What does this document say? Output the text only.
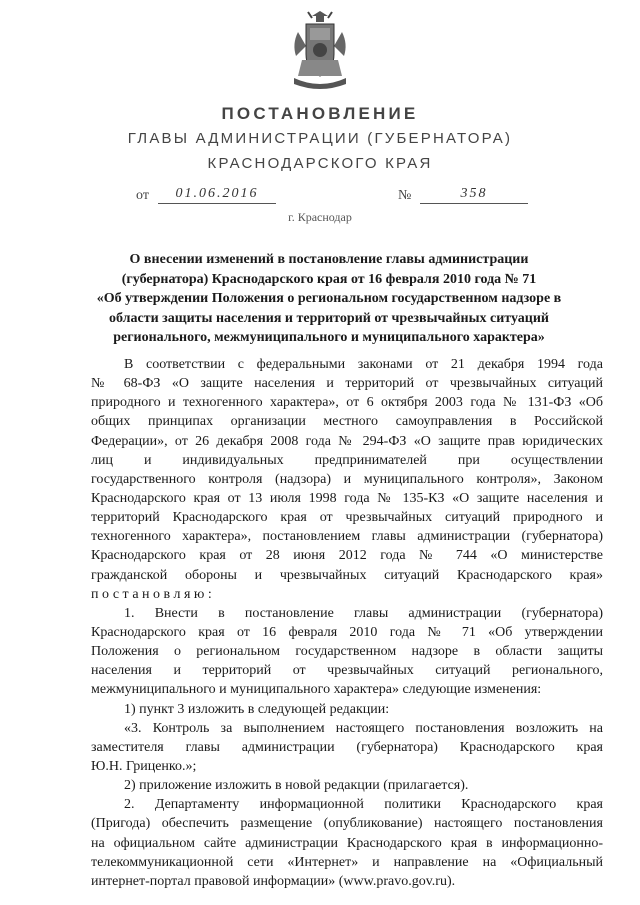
ПОСТАНОВЛЕНИЕ
ГЛАВЫ АДМИНИСТРАЦИИ (ГУБЕРНАТОРА)
КРАСНОДАРСКОГО КРАЯ
от	01.06.2016	№	358
г. Краснодар
О внесении изменений в постановление главы администрации
(губернатора) Краснодарского края от 16 февраля 2010 года № 71
«Об утверждении Положения о региональном государственном надзоре в
области защиты населения и территорий от чрезвычайных ситуаций
регионального, межмуниципального и муниципального характера»
В соответствии с федеральными законами от 21 декабря 1994 года
№ 68-ФЗ «О защите населения и территорий от чрезвычайных ситуаций
природного и техногенного характера», от 6 октября 2003 года № 131-ФЗ «Об
общих принципах организации местного самоуправления в Российской
Федерации», от 26 декабря 2008 года № 294-ФЗ «О защите прав юридических
лиц и индивидуальных предпринимателей при осуществлении
государственного контроля (надзора) и муниципального контроля», Законом
Краснодарского края от 13 июля 1998 года № 135-КЗ «О защите населения и
территорий Краснодарского края от чрезвычайных ситуаций природного и
техногенного характера», постановлением главы администрации (губернатора)
Краснодарского края от 28 июня 2012 года № 744 «О министерстве
гражданской обороны и чрезвычайных ситуаций Краснодарского края»
постановляю:
1. Внести в постановление главы администрации (губернатора)
Краснодарского края от 16 февраля 2010 года № 71 «Об утверждении
Положения о региональном государственном надзоре в области защиты
населения и территорий от чрезвычайных ситуаций регионального,
межмуниципального и муниципального характера» следующие изменения:
1) пункт 3 изложить в следующей редакции:
«3. Контроль за выполнением настоящего постановления возложить на
заместителя главы администрации (губернатора) Краснодарского края
Ю.Н. Гриценко.»;
2) приложение изложить в новой редакции (прилагается).
2. Департаменту информационной политики Краснодарского края
(Пригода) обеспечить размещение (опубликование) настоящего постановления
на официальном сайте администрации Краснодарского края в информационно-
телекоммуникационной сети «Интернет» и направление на «Официальный
интернет-портал правовой информации» (www.pravo.gov.ru).
